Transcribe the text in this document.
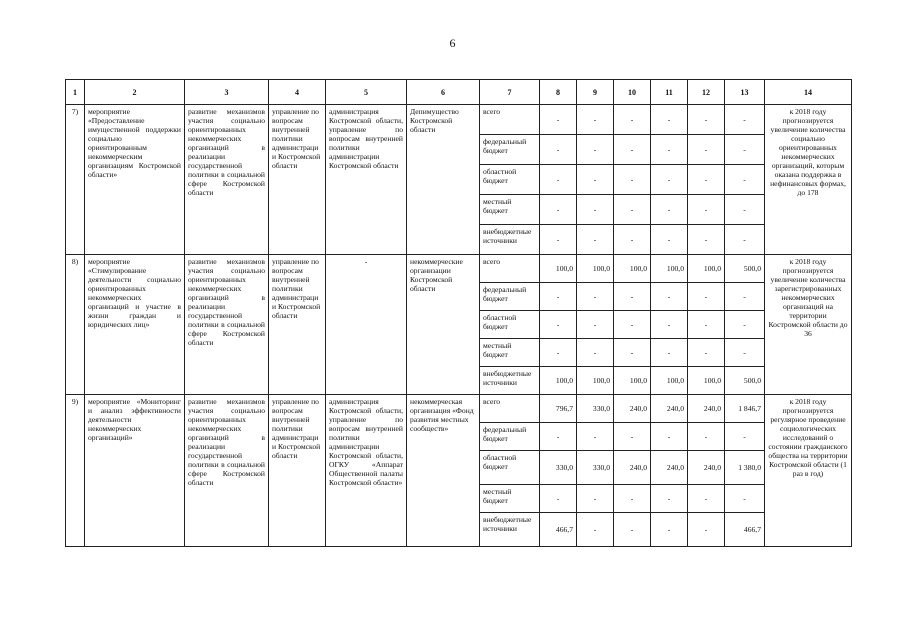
6
1	2	3	4	5	6	7	8	9	10	11	12	13	14
7)	мероприятие «Предоставление имущественной поддержки социально ориентированным некоммерческим организациям Костромской области»	развитие механизмов участия социально ориентированных некоммерческих организаций в реализации государственной политики в социальной сфере Костромской области	управление по вопросам внутренней политики администрации Костромской области	администрация Костромской области, управление по вопросам внутренней политики администрации Костромской области	Депимущество Костромской области	всего	-	-	-	-	-	-	к 2018 году прогнозируется увеличение количества социально ориентированных некоммерческих организаций, которым оказана поддержка в нефинансовых формах, до 178
						федеральный бюджет	-	-	-	-	-	-	
						областной бюджет	-	-	-	-	-	-	
						местный бюджет	-	-	-	-	-	-	
						внебюджетные источники	-	-	-	-	-	-	
8)	мероприятие «Стимулирование деятельности социально ориентированных некоммерческих организаций и участие в жизни граждан и юридических лиц»	развитие механизмов участия социально ориентированных некоммерческих организаций в реализации государственной политики в социальной сфере Костромской области	управление по вопросам внутренней политики администрации Костромской области	-	некоммерческие организации Костромской области	всего	100,0	100,0	100,0	100,0	100,0	500,0	к 2018 году прогнозируется увеличение количества зарегистрированных некоммерческих организаций на территории Костромской области до 36
						федеральный бюджет	-	-	-	-	-	-	
						областной бюджет	-	-	-	-	-	-	
						местный бюджет	-	-	-	-	-	-	
						внебюджетные источники	100,0	100,0	100,0	100,0	100,0	500,0	
9)	мероприятие «Мониторинг и анализ эффективности деятельности некоммерческих организаций»	развитие механизмов участия социально ориентированных некоммерческих организаций в реализации государственной политики в социальной сфере Костромской области	управление по вопросам внутренней политики администрации Костромской области	администрация Костромской области, управление по вопросам внутренней политики администрации Костромской области, ОГКУ «Аппарат Общественной палаты Костромской области»	некоммерческая организация «Фонд развития местных сообществ»	всего	796,7	330,0	240,0	240,0	240,0	1 846,7	к 2018 году прогнозируется регулярное проведение социологических исследований о состоянии гражданского общества на территории Костромской области (1 раз в год)
						федеральный бюджет	-	-	-	-	-	-	
						областной бюджет	330,0	330,0	240,0	240,0	240,0	1 380,0	
						местный бюджет	-	-	-	-	-	-	
						внебюджетные источники	466,7	-	-	-	-	466,7	
